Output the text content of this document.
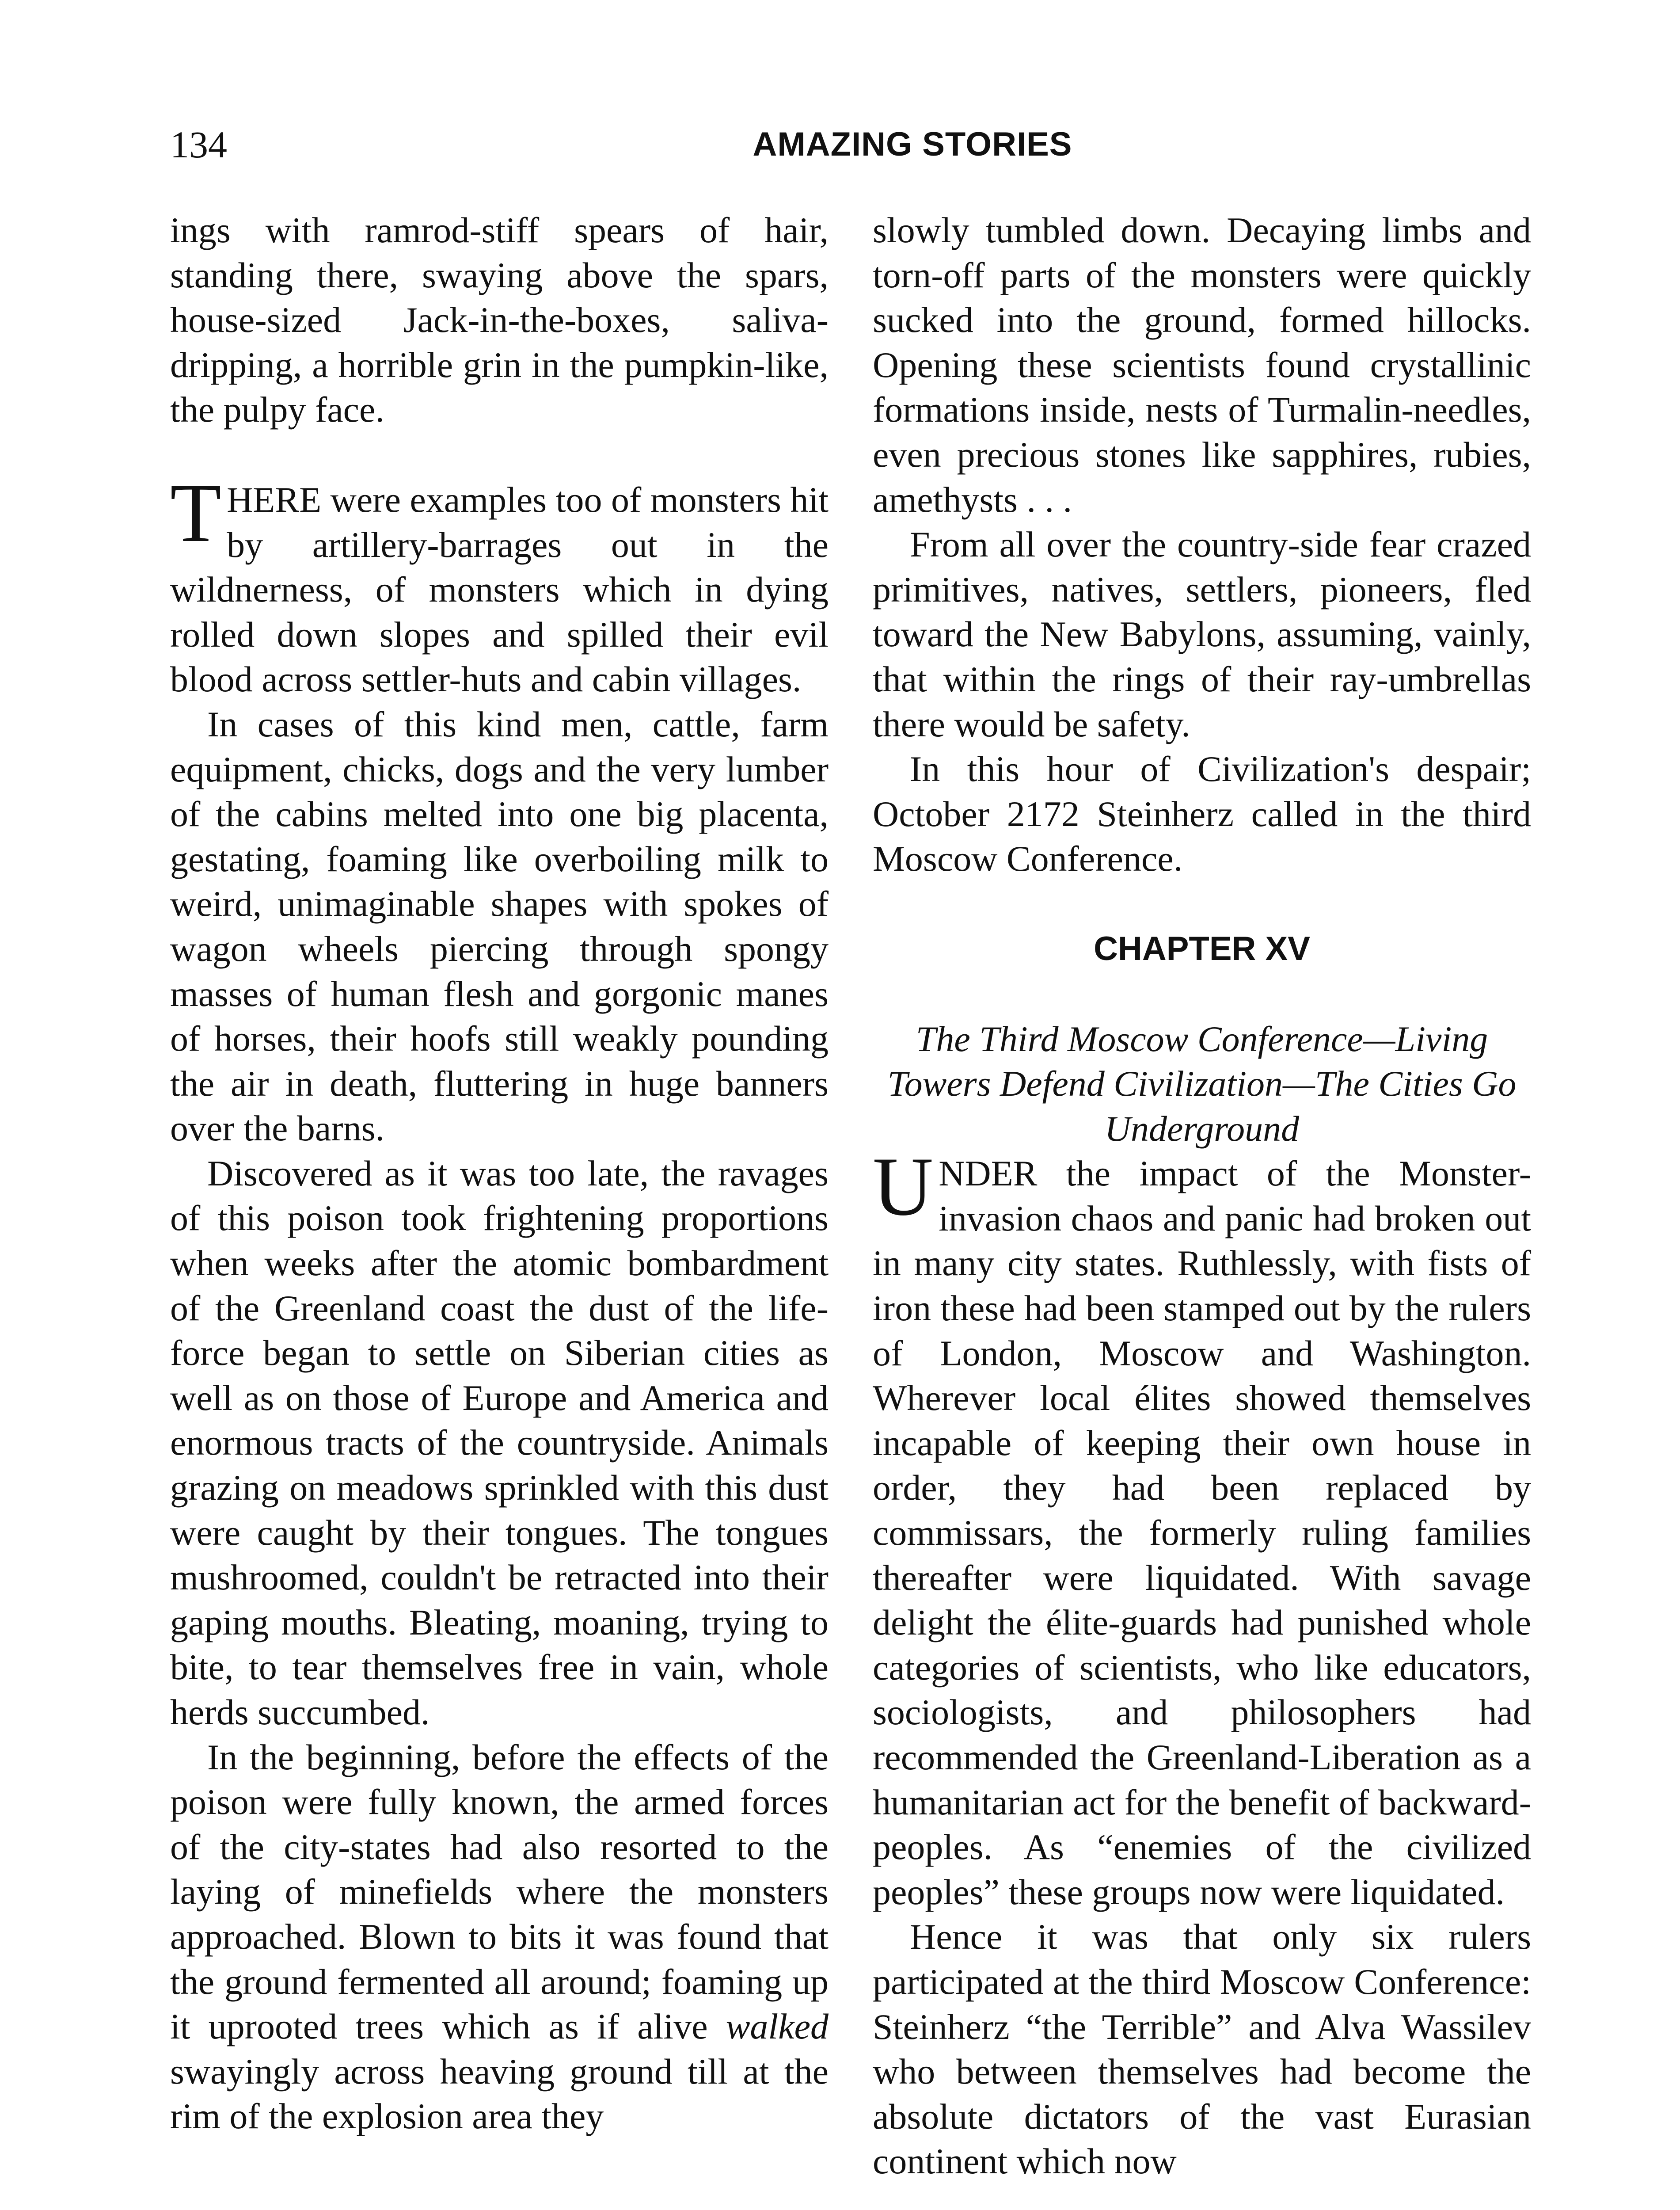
134	AMAZING STORIES

ings with ramrod-stiff spears of hair, standing there, swaying above the spars, house-sized Jack-in-the-boxes, saliva-dripping, a horrible grin in the pumpkin-like, the pulpy face.

THERE were examples too of monsters hit by artillery-barrages out in the wildnerness, of monsters which in dying rolled down slopes and spilled their evil blood across settler-huts and cabin villages.

In cases of this kind men, cattle, farm equipment, chicks, dogs and the very lumber of the cabins melted into one big placenta, gestating, foaming like overboiling milk to weird, unimaginable shapes with spokes of wagon wheels piercing through spongy masses of human flesh and gorgonic manes of horses, their hoofs still weakly pounding the air in death, fluttering in huge banners over the barns.

Discovered as it was too late, the ravages of this poison took frightening proportions when weeks after the atomic bombardment of the Greenland coast the dust of the life-force began to settle on Siberian cities as well as on those of Europe and America and enormous tracts of the countryside. Animals grazing on meadows sprinkled with this dust were caught by their tongues. The tongues mushroomed, couldn't be retracted into their gaping mouths. Bleating, moaning, trying to bite, to tear themselves free in vain, whole herds succumbed.

In the beginning, before the effects of the poison were fully known, the armed forces of the city-states had also resorted to the laying of minefields where the monsters approached. Blown to bits it was found that the ground fermented all around; foaming up it uprooted trees which as if alive walked swayingly across heaving ground till at the rim of the explosion area they

slowly tumbled down. Decaying limbs and torn-off parts of the monsters were quickly sucked into the ground, formed hillocks. Opening these scientists found crystallinic formations inside, nests of Turmalin-needles, even precious stones like sapphires, rubies, amethysts . . .

From all over the country-side fear crazed primitives, natives, settlers, pioneers, fled toward the New Babylons, assuming, vainly, that within the rings of their ray-umbrellas there would be safety.

In this hour of Civilization's despair; October 2172 Steinherz called in the third Moscow Conference.

CHAPTER XV
The Third Moscow Conference—Living Towers Defend Civilization—The Cities Go Underground

UNDER the impact of the Monster-invasion chaos and panic had broken out in many city states. Ruthlessly, with fists of iron these had been stamped out by the rulers of London, Moscow and Washington. Wherever local élites showed themselves incapable of keeping their own house in order, they had been replaced by commissars, the formerly ruling families thereafter were liquidated. With savage delight the élite-guards had punished whole categories of scientists, who like educators, sociologists, and philosophers had recommended the Greenland-Liberation as a humanitarian act for the benefit of backward-peoples. As “enemies of the civilized peoples” these groups now were liquidated.

Hence it was that only six rulers participated at the third Moscow Conference: Steinherz “the Terrible” and Alva Wassilev who between themselves had become the absolute dictators of the vast Eurasian continent which now
